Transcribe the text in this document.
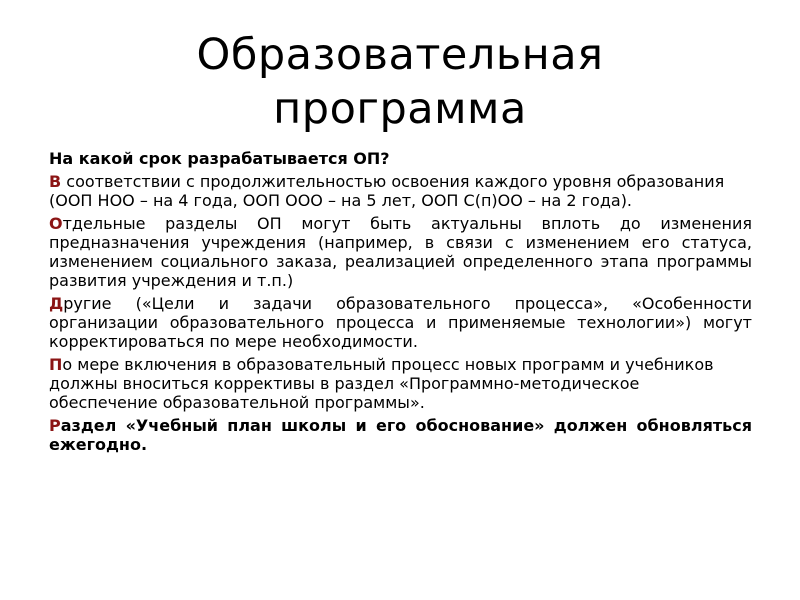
Образовательная
программа
На какой срок разрабатывается ОП?
В соответствии с продолжительностью освоения каждого уровня образования (ООП НОО – на 4 года, ООП ООО – на 5 лет, ООП С(п)ОО – на 2 года).
Отдельные разделы ОП могут быть актуальны вплоть до изменения предназначения учреждения (например, в связи с изменением его статуса, изменением социального заказа, реализацией определенного этапа программы развития учреждения и т.п.)
Другие («Цели и задачи образовательного процесса», «Особенности организации образовательного процесса и применяемые технологии») могут корректироваться по мере необходимости.
По мере включения в образовательный процесс новых программ и учебников должны вноситься коррективы в раздел «Программно-методическое обеспечение образовательной программы».
Раздел «Учебный план школы и его обоснование» должен обновляться ежегодно.
